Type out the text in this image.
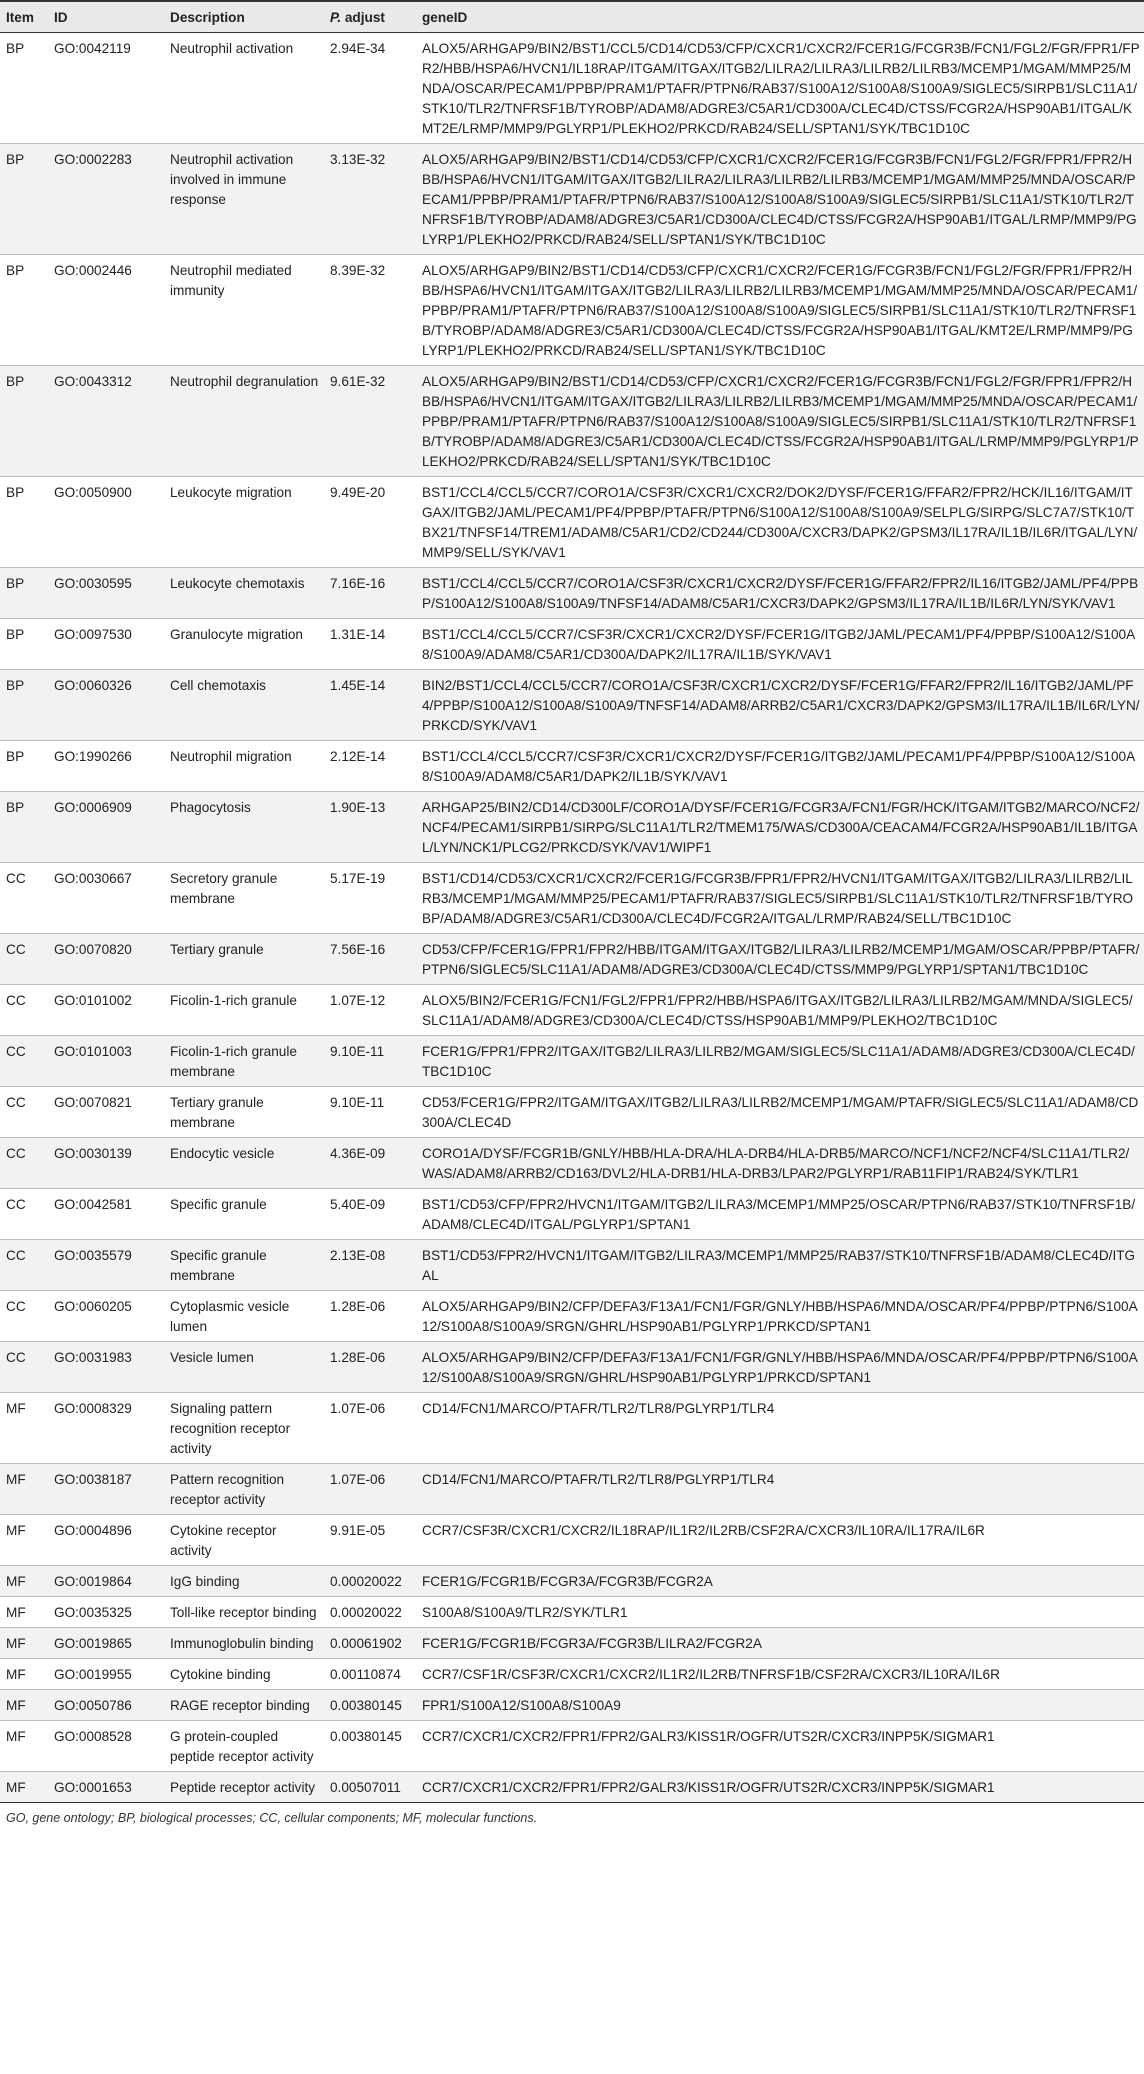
Item	ID	Description	P. adjust	geneID
BP	GO:0042119	Neutrophil activation	2.94E-34	ALOX5/ARHGAP9/BIN2/BST1/CCL5/CD14/CD53/CFP/CXCR1/CXCR2/FCER1G/FCGR3B/FCN1/FGL2/FGR/FPR1/FPR2/HBB/HSPA6/HVCN1/IL18RAP/ITGAM/ITGAX/ITGB2/LILRA2/LILRA3/LILRB2/LILRB3/MCEMP1/MGAM/MMP25/MNDA/OSCAR/PECAM1/PPBP/PRAM1/PTAFR/PTPN6/RAB37/S100A12/S100A8/S100A9/SIGLEC5/SIRPB1/SLC11A1/STK10/TLR2/TNFRSF1B/TYROBP/ADAM8/ADGRE3/C5AR1/CD300A/CLEC4D/CTSS/FCGR2A/HSP90AB1/ITGAL/KMT2E/LRMP/MMP9/PGLYRP1/PLEKHO2/PRKCD/RAB24/SELL/SPTAN1/SYK/TBC1D10C
BP	GO:0002283	Neutrophil activation involved in immune response	3.13E-32	ALOX5/ARHGAP9/BIN2/BST1/CD14/CD53/CFP/CXCR1/CXCR2/FCER1G/FCGR3B/FCN1/FGL2/FGR/FPR1/FPR2/HBB/HSPA6/HVCN1/ITGAM/ITGAX/ITGB2/LILRA2/LILRA3/LILRB2/LILRB3/MCEMP1/MGAM/MMP25/MNDA/OSCAR/PECAM1/PPBP/PRAM1/PTAFR/PTPN6/RAB37/S100A12/S100A8/S100A9/SIGLEC5/SIRPB1/SLC11A1/STK10/TLR2/TNFRSF1B/TYROBP/ADAM8/ADGRE3/C5AR1/CD300A/CLEC4D/CTSS/FCGR2A/HSP90AB1/ITGAL/LRMP/MMP9/PGLYRP1/PLEKHO2/PRKCD/RAB24/SELL/SPTAN1/SYK/TBC1D10C
BP	GO:0002446	Neutrophil mediated immunity	8.39E-32	ALOX5/ARHGAP9/BIN2/BST1/CD14/CD53/CFP/CXCR1/CXCR2/FCER1G/FCGR3B/FCN1/FGL2/FGR/FPR1/FPR2/HBB/HSPA6/HVCN1/ITGAM/ITGAX/ITGB2/LILRA3/LILRB2/LILRB3/MCEMP1/MGAM/MMP25/MNDA/OSCAR/PECAM1/PPBP/PRAM1/PTAFR/PTPN6/RAB37/S100A12/S100A8/S100A9/SIGLEC5/SIRPB1/SLC11A1/STK10/TLR2/TNFRSF1B/TYROBP/ADAM8/ADGRE3/C5AR1/CD300A/CLEC4D/CTSS/FCGR2A/HSP90AB1/ITGAL/KMT2E/LRMP/MMP9/PGLYRP1/PLEKHO2/PRKCD/RAB24/SELL/SPTAN1/SYK/TBC1D10C
BP	GO:0043312	Neutrophil degranulation	9.61E-32	ALOX5/ARHGAP9/BIN2/BST1/CD14/CD53/CFP/CXCR1/CXCR2/FCER1G/FCGR3B/FCN1/FGL2/FGR/FPR1/FPR2/HBB/HSPA6/HVCN1/ITGAM/ITGAX/ITGB2/LILRA3/LILRB2/LILRB3/MCEMP1/MGAM/MMP25/MNDA/OSCAR/PECAM1/PPBP/PRAM1/PTAFR/PTPN6/RAB37/S100A12/S100A8/S100A9/SIGLEC5/SIRPB1/SLC11A1/STK10/TLR2/TNFRSF1B/TYROBP/ADAM8/ADGRE3/C5AR1/CD300A/CLEC4D/CTSS/FCGR2A/HSP90AB1/ITGAL/LRMP/MMP9/PGLYRP1/PLEKHO2/PRKCD/RAB24/SELL/SPTAN1/SYK/TBC1D10C
BP	GO:0050900	Leukocyte migration	9.49E-20	BST1/CCL4/CCL5/CCR7/CORO1A/CSF3R/CXCR1/CXCR2/DOK2/DYSF/FCER1G/FFAR2/FPR2/HCK/IL16/ITGAM/ITGAX/ITGB2/JAML/PECAM1/PF4/PPBP/PTAFR/PTPN6/S100A12/S100A8/S100A9/SELPLG/SIRPG/SLC7A7/STK10/TBX21/TNFSF14/TREM1/ADAM8/C5AR1/CD2/CD244/CD300A/CXCR3/DAPK2/GPSM3/IL17RA/IL1B/IL6R/ITGAL/LYN/MMP9/SELL/SYK/VAV1
BP	GO:0030595	Leukocyte chemotaxis	7.16E-16	BST1/CCL4/CCL5/CCR7/CORO1A/CSF3R/CXCR1/CXCR2/DYSF/FCER1G/FFAR2/FPR2/IL16/ITGB2/JAML/PF4/PPBP/S100A12/S100A8/S100A9/TNFSF14/ADAM8/C5AR1/CXCR3/DAPK2/GPSM3/IL17RA/IL1B/IL6R/LYN/SYK/VAV1
BP	GO:0097530	Granulocyte migration	1.31E-14	BST1/CCL4/CCL5/CCR7/CSF3R/CXCR1/CXCR2/DYSF/FCER1G/ITGB2/JAML/PECAM1/PF4/PPBP/S100A12/S100A8/S100A9/ADAM8/C5AR1/CD300A/DAPK2/IL17RA/IL1B/SYK/VAV1
BP	GO:0060326	Cell chemotaxis	1.45E-14	BIN2/BST1/CCL4/CCL5/CCR7/CORO1A/CSF3R/CXCR1/CXCR2/DYSF/FCER1G/FFAR2/FPR2/IL16/ITGB2/JAML/PF4/PPBP/S100A12/S100A8/S100A9/TNFSF14/ADAM8/ARRB2/C5AR1/CXCR3/DAPK2/GPSM3/IL17RA/IL1B/IL6R/LYN/PRKCD/SYK/VAV1
BP	GO:1990266	Neutrophil migration	2.12E-14	BST1/CCL4/CCL5/CCR7/CSF3R/CXCR1/CXCR2/DYSF/FCER1G/ITGB2/JAML/PECAM1/PF4/PPBP/S100A12/S100A8/S100A9/ADAM8/C5AR1/DAPK2/IL1B/SYK/VAV1
BP	GO:0006909	Phagocytosis	1.90E-13	ARHGAP25/BIN2/CD14/CD300LF/CORO1A/DYSF/FCER1G/FCGR3A/FCN1/FGR/HCK/ITGAM/ITGB2/MARCO/NCF2/NCF4/PECAM1/SIRPB1/SIRPG/SLC11A1/TLR2/TMEM175/WAS/CD300A/CEACAM4/FCGR2A/HSP90AB1/IL1B/ITGAL/LYN/NCK1/PLCG2/PRKCD/SYK/VAV1/WIPF1
CC	GO:0030667	Secretory granule membrane	5.17E-19	BST1/CD14/CD53/CXCR1/CXCR2/FCER1G/FCGR3B/FPR1/FPR2/HVCN1/ITGAM/ITGAX/ITGB2/LILRA3/LILRB2/LILRB3/MCEMP1/MGAM/MMP25/PECAM1/PTAFR/RAB37/SIGLEC5/SIRPB1/SLC11A1/STK10/TLR2/TNFRSF1B/TYROBP/ADAM8/ADGRE3/C5AR1/CD300A/CLEC4D/FCGR2A/ITGAL/LRMP/RAB24/SELL/TBC1D10C
CC	GO:0070820	Tertiary granule	7.56E-16	CD53/CFP/FCER1G/FPR1/FPR2/HBB/ITGAM/ITGAX/ITGB2/LILRA3/LILRB2/MCEMP1/MGAM/OSCAR/PPBP/PTAFR/PTPN6/SIGLEC5/SLC11A1/ADAM8/ADGRE3/CD300A/CLEC4D/CTSS/MMP9/PGLYRP1/SPTAN1/TBC1D10C
CC	GO:0101002	Ficolin-1-rich granule	1.07E-12	ALOX5/BIN2/FCER1G/FCN1/FGL2/FPR1/FPR2/HBB/HSPA6/ITGAX/ITGB2/LILRA3/LILRB2/MGAM/MNDA/SIGLEC5/SLC11A1/ADAM8/ADGRE3/CD300A/CLEC4D/CTSS/HSP90AB1/MMP9/PLEKHO2/TBC1D10C
CC	GO:0101003	Ficolin-1-rich granule membrane	9.10E-11	FCER1G/FPR1/FPR2/ITGAX/ITGB2/LILRA3/LILRB2/MGAM/SIGLEC5/SLC11A1/ADAM8/ADGRE3/CD300A/CLEC4D/TBC1D10C
CC	GO:0070821	Tertiary granule membrane	9.10E-11	CD53/FCER1G/FPR2/ITGAM/ITGAX/ITGB2/LILRA3/LILRB2/MCEMP1/MGAM/PTAFR/SIGLEC5/SLC11A1/ADAM8/CD300A/CLEC4D
CC	GO:0030139	Endocytic vesicle	4.36E-09	CORO1A/DYSF/FCGR1B/GNLY/HBB/HLA-DRA/HLA-DRB4/HLA-DRB5/MARCO/NCF1/NCF2/NCF4/SLC11A1/TLR2/WAS/ADAM8/ARRB2/CD163/DVL2/HLA-DRB1/HLA-DRB3/LPAR2/PGLYRP1/RAB11FIP1/RAB24/SYK/TLR1
CC	GO:0042581	Specific granule	5.40E-09	BST1/CD53/CFP/FPR2/HVCN1/ITGAM/ITGB2/LILRA3/MCEMP1/MMP25/OSCAR/PTPN6/RAB37/STK10/TNFRSF1B/ADAM8/CLEC4D/ITGAL/PGLYRP1/SPTAN1
CC	GO:0035579	Specific granule membrane	2.13E-08	BST1/CD53/FPR2/HVCN1/ITGAM/ITGB2/LILRA3/MCEMP1/MMP25/RAB37/STK10/TNFRSF1B/ADAM8/CLEC4D/ITGAL
CC	GO:0060205	Cytoplasmic vesicle lumen	1.28E-06	ALOX5/ARHGAP9/BIN2/CFP/DEFA3/F13A1/FCN1/FGR/GNLY/HBB/HSPA6/MNDA/OSCAR/PF4/PPBP/PTPN6/S100A12/S100A8/S100A9/SRGN/GHRL/HSP90AB1/PGLYRP1/PRKCD/SPTAN1
CC	GO:0031983	Vesicle lumen	1.28E-06	ALOX5/ARHGAP9/BIN2/CFP/DEFA3/F13A1/FCN1/FGR/GNLY/HBB/HSPA6/MNDA/OSCAR/PF4/PPBP/PTPN6/S100A12/S100A8/S100A9/SRGN/GHRL/HSP90AB1/PGLYRP1/PRKCD/SPTAN1
MF	GO:0008329	Signaling pattern recognition receptor activity	1.07E-06	CD14/FCN1/MARCO/PTAFR/TLR2/TLR8/PGLYRP1/TLR4
MF	GO:0038187	Pattern recognition receptor activity	1.07E-06	CD14/FCN1/MARCO/PTAFR/TLR2/TLR8/PGLYRP1/TLR4
MF	GO:0004896	Cytokine receptor activity	9.91E-05	CCR7/CSF3R/CXCR1/CXCR2/IL18RAP/IL1R2/IL2RB/CSF2RA/CXCR3/IL10RA/IL17RA/IL6R
MF	GO:0019864	IgG binding	0.00020022	FCER1G/FCGR1B/FCGR3A/FCGR3B/FCGR2A
MF	GO:0035325	Toll-like receptor binding	0.00020022	S100A8/S100A9/TLR2/SYK/TLR1
MF	GO:0019865	Immunoglobulin binding	0.00061902	FCER1G/FCGR1B/FCGR3A/FCGR3B/LILRA2/FCGR2A
MF	GO:0019955	Cytokine binding	0.00110874	CCR7/CSF1R/CSF3R/CXCR1/CXCR2/IL1R2/IL2RB/TNFRSF1B/CSF2RA/CXCR3/IL10RA/IL6R
MF	GO:0050786	RAGE receptor binding	0.00380145	FPR1/S100A12/S100A8/S100A9
MF	GO:0008528	G protein-coupled peptide receptor activity	0.00380145	CCR7/CXCR1/CXCR2/FPR1/FPR2/GALR3/KISS1R/OGFR/UTS2R/CXCR3/INPP5K/SIGMAR1
MF	GO:0001653	Peptide receptor activity	0.00507011	CCR7/CXCR1/CXCR2/FPR1/FPR2/GALR3/KISS1R/OGFR/UTS2R/CXCR3/INPP5K/SIGMAR1
GO, gene ontology; BP, biological processes; CC, cellular components; MF, molecular functions.
